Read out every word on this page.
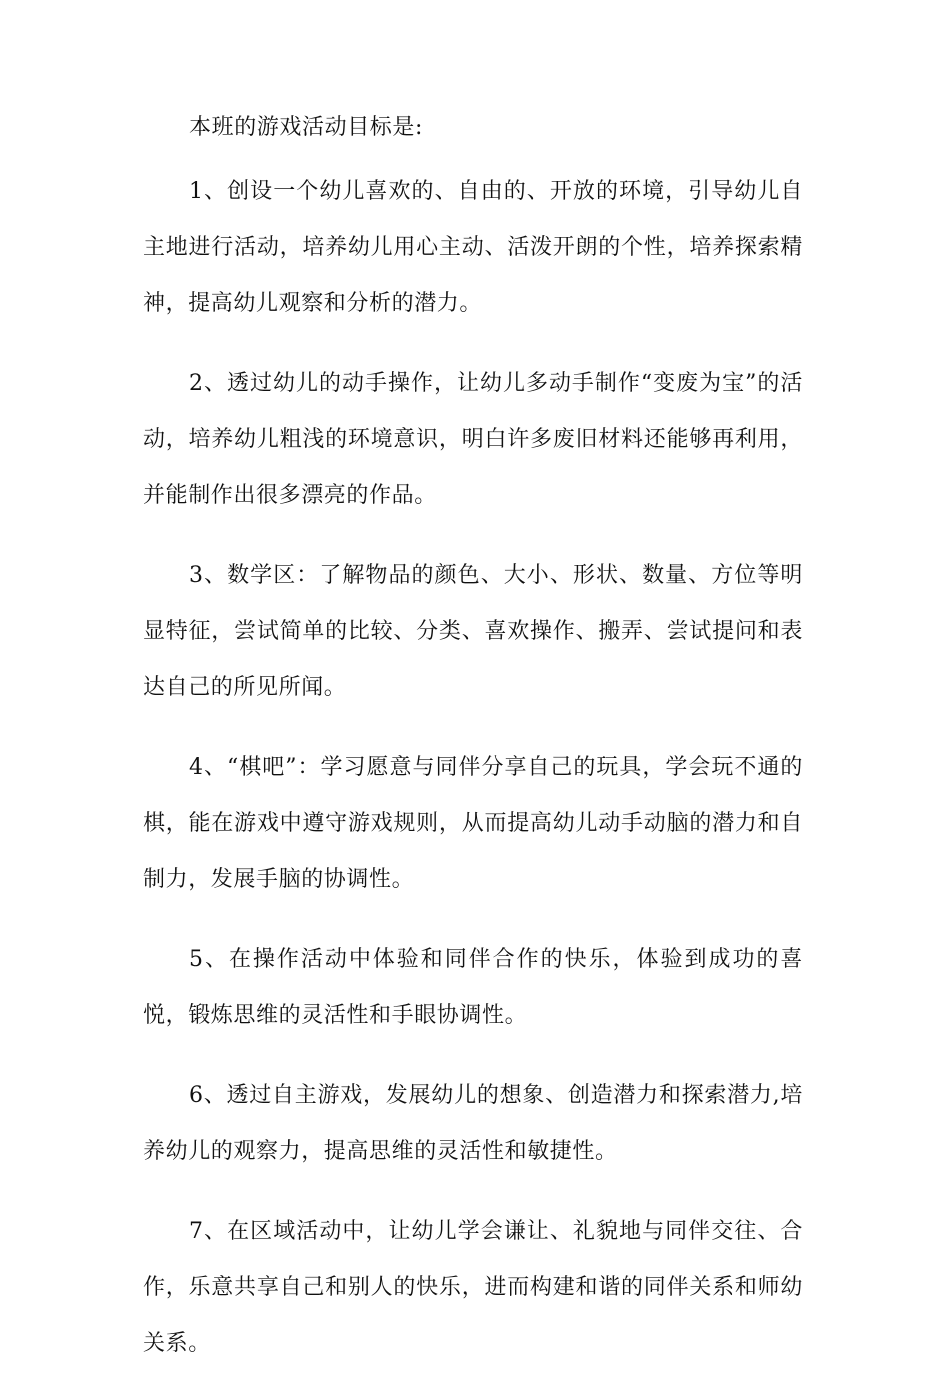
本班的游戏活动目标是:

1、创设一个幼儿喜欢的、自由的、开放的环境，引导幼儿自主地进行活动，培养幼儿用心主动、活泼开朗的个性，培养探索精神，提高幼儿观察和分析的潜力。

2、透过幼儿的动手操作，让幼儿多动手制作“变废为宝”的活动，培养幼儿粗浅的环境意识，明白许多废旧材料还能够再利用，并能制作出很多漂亮的作品。

3、数学区：了解物品的颜色、大小、形状、数量、方位等明显特征，尝试简单的比较、分类、喜欢操作、搬弄、尝试提问和表达自己的所见所闻。

4、“棋吧”：学习愿意与同伴分享自己的玩具，学会玩不通的棋，能在游戏中遵守游戏规则，从而提高幼儿动手动脑的潜力和自制力，发展手脑的协调性。

5、在操作活动中体验和同伴合作的快乐，体验到成功的喜悦，锻炼思维的灵活性和手眼协调性。

6、透过自主游戏，发展幼儿的想象、创造潜力和探索潜力,培养幼儿的观察力，提高思维的灵活性和敏捷性。

7、在区域活动中，让幼儿学会谦让、礼貌地与同伴交往、合作，乐意共享自己和别人的快乐，进而构建和谐的同伴关系和师幼关系。
